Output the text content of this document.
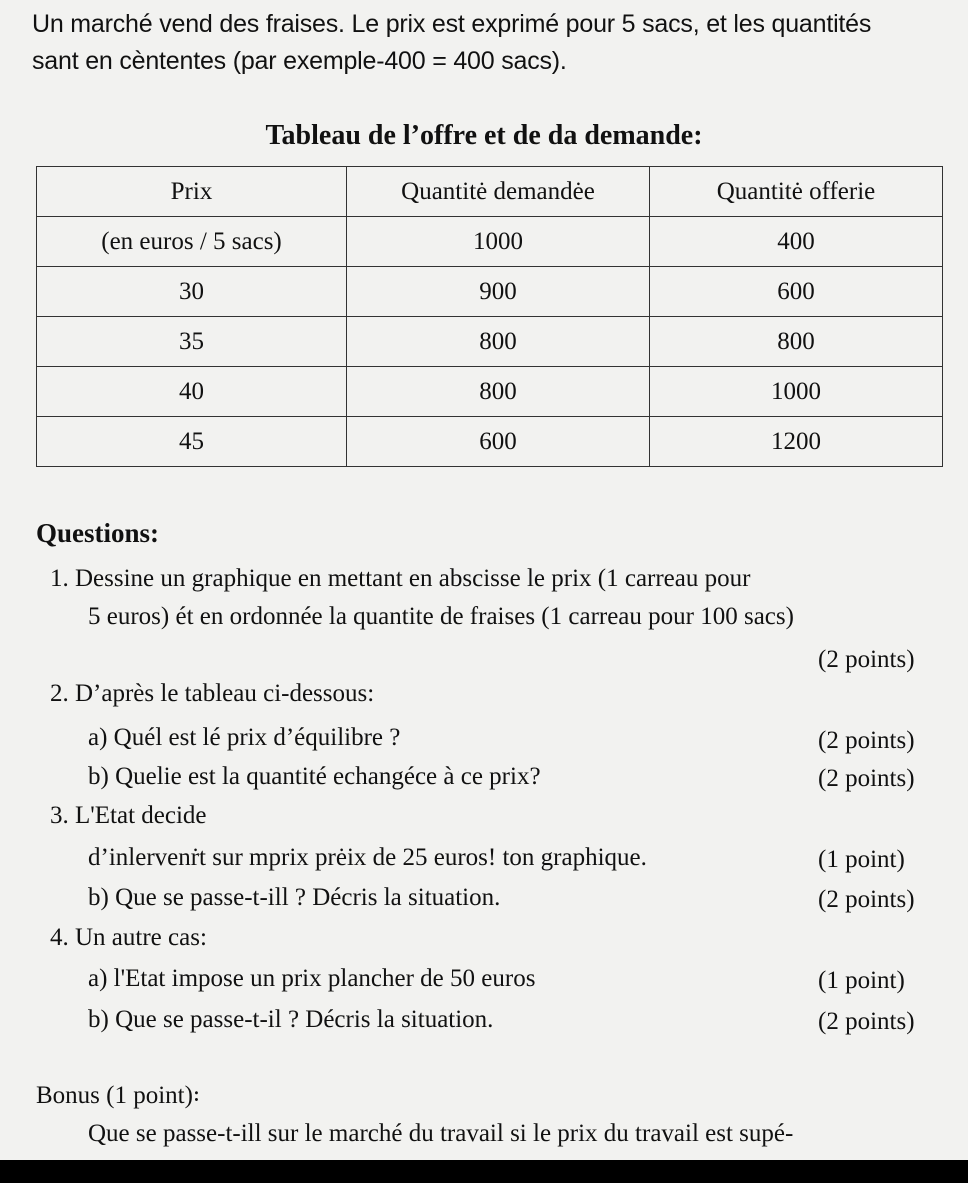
Un marché vend des fraises. Le prix est exprimé pour 5 sacs, et les quantités
sant en cèntentes (par exemple-400 = 400 sacs).
Tableau de l’offre et de da demande:
Prix	Quantitė demandėe	Quantitė offerie
(en euros / 5 sacs)	1000	400
30	900	600
35	800	800
40	800	1000
45	600	1200
Questions:
1. Dessine un graphique en mettant en abscisse le prix (1 carreau pour
5 euros) ét en ordonnée la quantite de fraises (1 carreau pour 100 sacs)
(2 points)
2. D’après le tableau ci-dessous:
a) Quél est lé prix d’équilibre ?	(2 points)
b) Quelie est la quantité echangéce à ce prix?	(2 points)
3. L'Etat decide
d’inlervenṙt sur mprix prėix de 25 euros! ton graphique.	(1 point)
b) Que se passe-t-ill ? Décris la situation.	(2 points)
4. Un autre cas:
a) l'Etat impose un prix plancher de 50 euros	(1 point)
b) Que se passe-t-il ? Décris la situation.	(2 points)
Bonus (1 point)꞉
Que se passe-t-ill sur le marché du travail si le prix du travail est supé-
